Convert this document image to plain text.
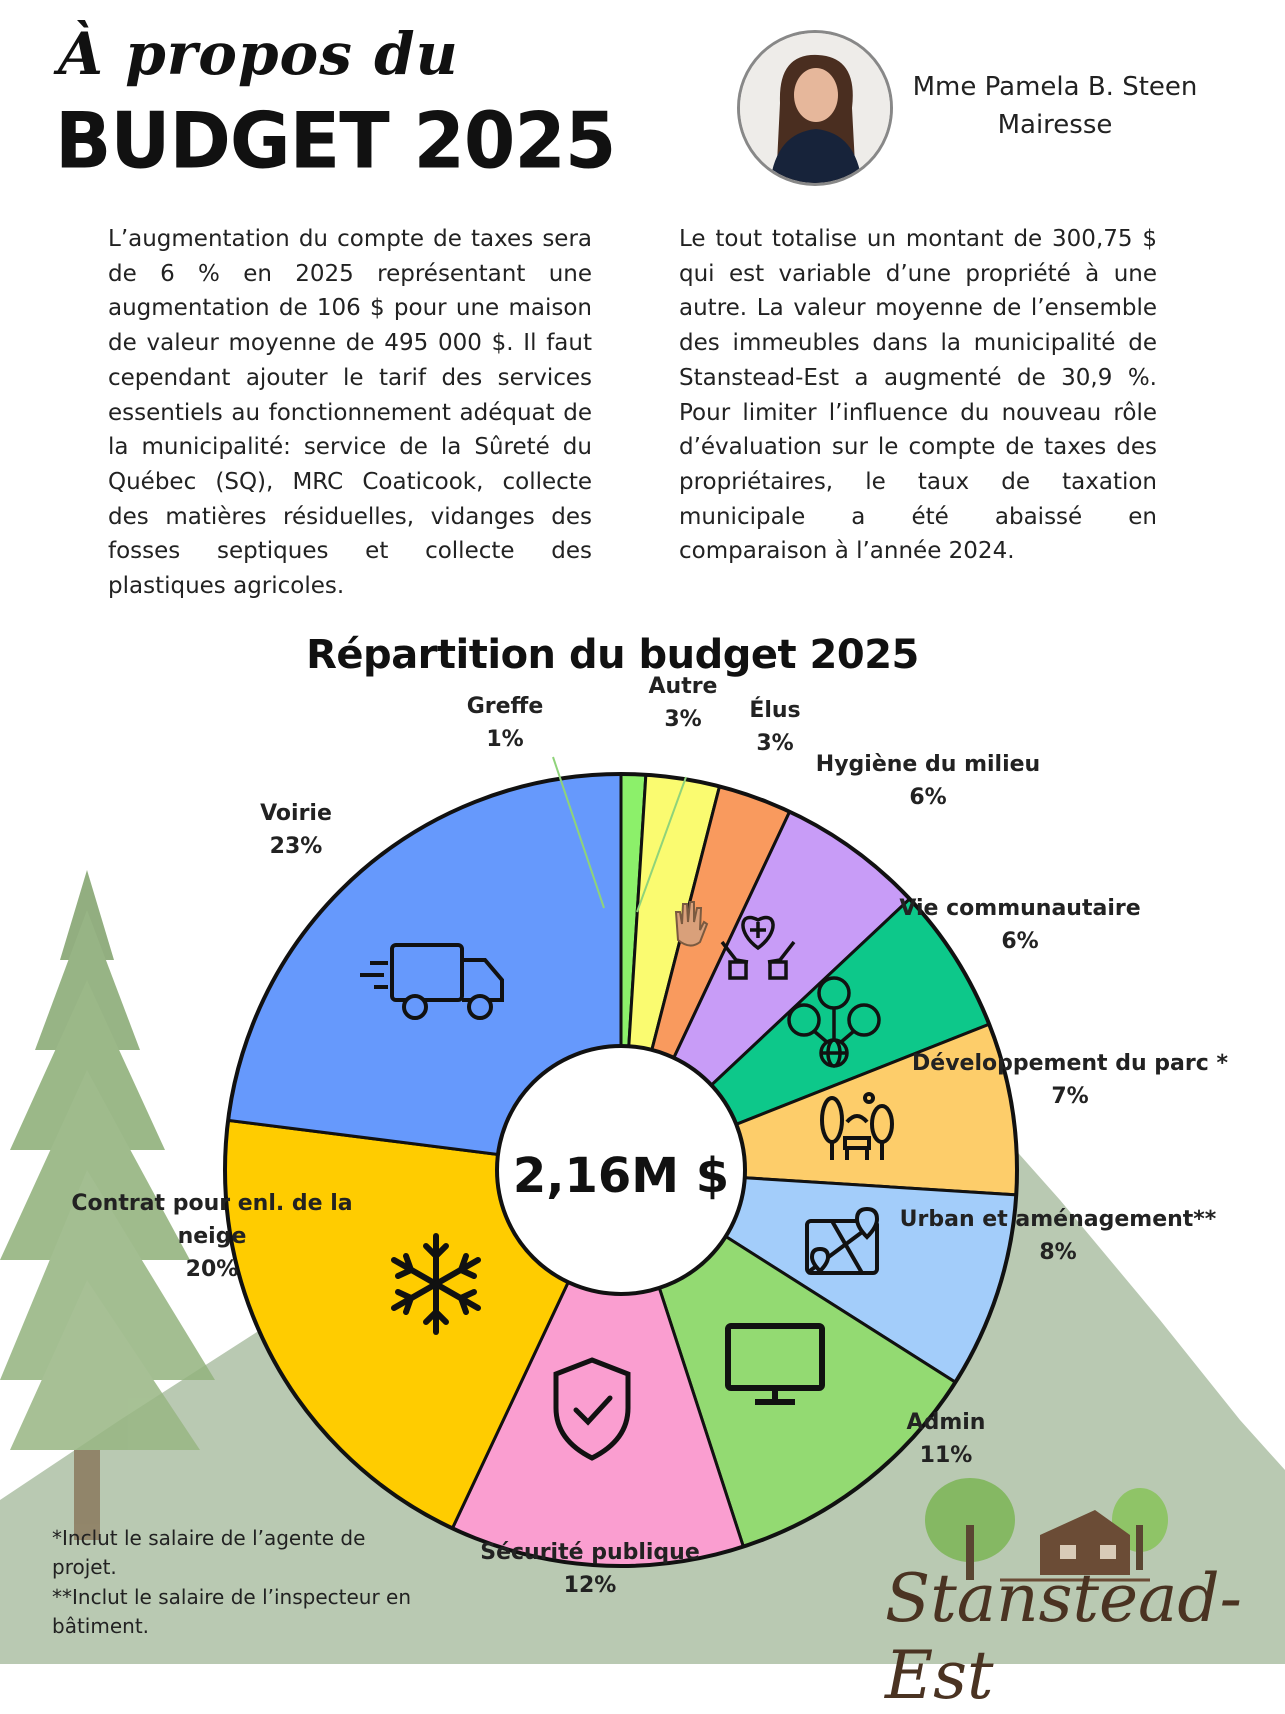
À propos du
BUDGET 2025
Mme Pamela B. Steen
Mairesse
L’augmentation du compte de taxes sera de 6 % en 2025 représentant une augmentation de 106 $ pour une maison de valeur moyenne de 495 000 $. Il faut cependant ajouter le tarif des services essentiels au fonctionnement adéquat de la municipalité: service de la Sûreté du Québec (SQ), MRC Coaticook, collecte des matières résiduelles, vidanges des fosses septiques et collecte des plastiques agricoles.
Le tout totalise un montant de 300,75 $ qui est variable d’une propriété à une autre. La valeur moyenne de l’ensemble des immeubles dans la municipalité de Stanstead-Est a augmenté de 30,9 %. Pour limiter l’influence du nouveau rôle d’évaluation sur le compte de taxes des propriétaires, le taux de taxation municipale a été abaissé en comparaison à l’année 2024.
Répartition du budget 2025
Greffe 1%
Autre 3%	Élus 3%
Hygiène du milieu 6%
Vie communautaire 6%
Développement du parc * 7%
Urban et aménagement** 8%
Admin 11%
Sécurité publique 12%
Contrat pour enl. de la neige 20%
Voirie 23%
2,16M $
*Inclut le salaire de l’agente de projet.
**Inclut le salaire de l’inspecteur en bâtiment.	Stanstead-Est
